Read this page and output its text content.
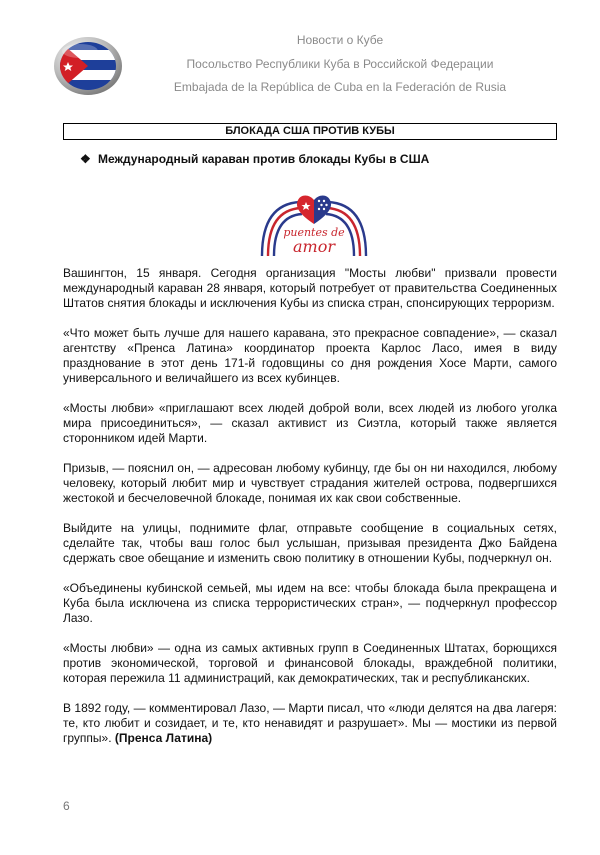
Новости о Кубе
Посольство Республики Куба в Российской Федерации
Embajada de la República de Cuba en la Federación de Rusia
БЛОКАДА США ПРОТИВ КУБЫ
❖ Международный караван против блокады Кубы в США
puentes de
amor

Вашингтон, 15 января. Сегодня организация "Мосты любви" призвали провести международный караван 28 января, который потребует от правительства Соединенных Штатов снятия блокады и исключения Кубы из списка стран, спонсирующих терроризм.

«Что может быть лучше для нашего каравана, это прекрасное совпадение», — сказал агентству «Пренса Латина» координатор проекта Карлос Ласо, имея в виду празднование в этот день 171-й годовщины со дня рождения Хосе Марти, самого универсального и величайшего из всех кубинцев.

«Мосты любви» «приглашают всех людей доброй воли, всех людей из любого уголка мира присоединиться», — сказал активист из Сиэтла, который также является сторонником идей Марти.

Призыв, — пояснил он, — адресован любому кубинцу, где бы он ни находился, любому человеку, который любит мир и чувствует страдания жителей острова, подвергшихся жестокой и бесчеловечной блокаде, понимая их как свои собственные.

Выйдите на улицы, поднимите флаг, отправьте сообщение в социальных сетях, сделайте так, чтобы ваш голос был услышан, призывая президента Джо Байдена сдержать свое обещание и изменить свою политику в отношении Кубы, подчеркнул он.

«Объединены кубинской семьей, мы идем на все: чтобы блокада была прекращена и Куба была исключена из списка террористических стран», — подчеркнул профессор Лазо.

«Мосты любви» — одна из самых активных групп в Соединенных Штатах, борющихся против экономической, торговой и финансовой блокады, враждебной политики, которая пережила 11 администраций, как демократических, так и республиканских.

В 1892 году, — комментировал Лазо, — Марти писал, что «люди делятся на два лагеря: те, кто любит и созидает, и те, кто ненавидят и разрушает». Мы — мостики из первой группы». (Пренса Латина)

6
